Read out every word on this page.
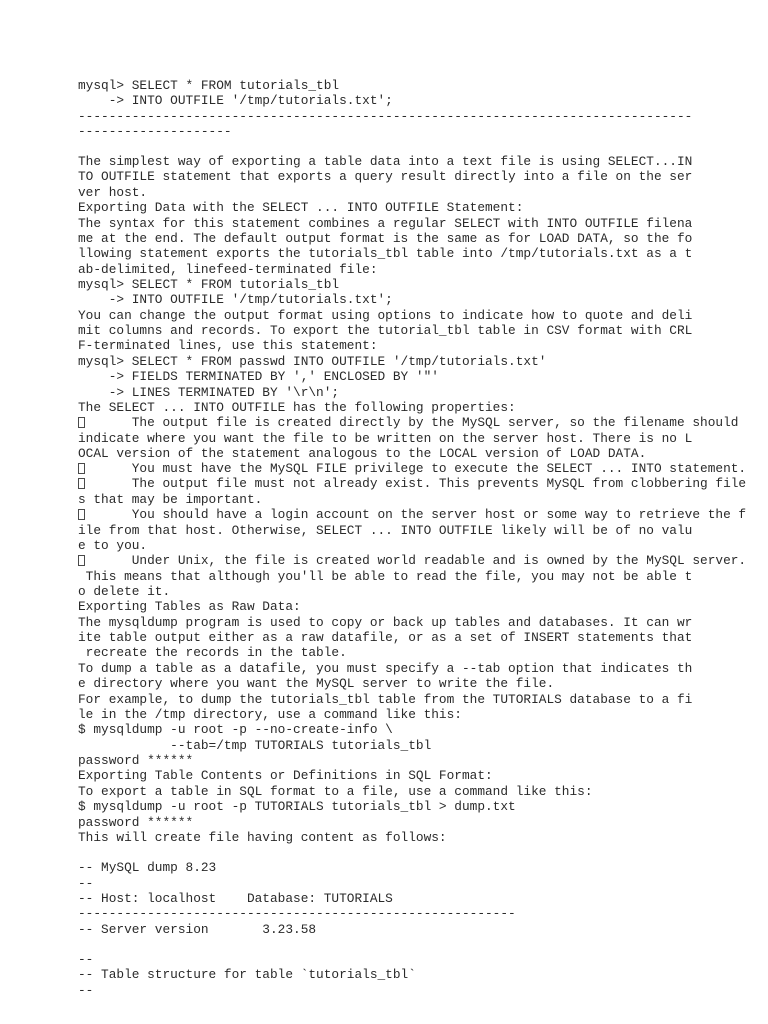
mysql> SELECT * FROM tutorials_tbl

-> INTO OUTFILE '/tmp/tutorials.txt';

--------------------------------------------------------------------------------

--------------------

The simplest way of exporting a table data into a text file is using SELECT...IN

TO OUTFILE statement that exports a query result directly into a file on the ser

ver host.

Exporting Data with the SELECT ... INTO OUTFILE Statement:

The syntax for this statement combines a regular SELECT with INTO OUTFILE filena

me at the end. The default output format is the same as for LOAD DATA, so the fo

llowing statement exports the tutorials_tbl table into /tmp/tutorials.txt as a t

ab-delimited, linefeed-terminated file:

mysql> SELECT * FROM tutorials_tbl

-> INTO OUTFILE '/tmp/tutorials.txt';

You can change the output format using options to indicate how to quote and deli

mit columns and records. To export the tutorial_tbl table in CSV format with CRL

F-terminated lines, use this statement:

mysql> SELECT * FROM passwd INTO OUTFILE '/tmp/tutorials.txt'

-> FIELDS TERMINATED BY ',' ENCLOSED BY '"'

-> LINES TERMINATED BY '\r\n';

The SELECT ... INTO OUTFILE has the following properties:

The output file is created directly by the MySQL server, so the filename should

indicate where you want the file to be written on the server host. There is no L

OCAL version of the statement analogous to the LOCAL version of LOAD DATA.

You must have the MySQL FILE privilege to execute the SELECT ... INTO statement.

The output file must not already exist. This prevents MySQL from clobbering file

s that may be important.

You should have a login account on the server host or some way to retrieve the f

ile from that host. Otherwise, SELECT ... INTO OUTFILE likely will be of no valu

e to you.

Under Unix, the file is created world readable and is owned by the MySQL server.

This means that although you'll be able to read the file, you may not be able t

o delete it.

Exporting Tables as Raw Data:

The mysqldump program is used to copy or back up tables and databases. It can wr

ite table output either as a raw datafile, or as a set of INSERT statements that

recreate the records in the table.

To dump a table as a datafile, you must specify a --tab option that indicates th

e directory where you want the MySQL server to write the file.

For example, to dump the tutorials_tbl table from the TUTORIALS database to a fi

le in the /tmp directory, use a command like this:

$ mysqldump -u root -p --no-create-info \

--tab=/tmp TUTORIALS tutorials_tbl

password ******

Exporting Table Contents or Definitions in SQL Format:

To export a table in SQL format to a file, use a command like this:

$ mysqldump -u root -p TUTORIALS tutorials_tbl > dump.txt

password ******

This will create file having content as follows:

-- MySQL dump 8.23

--

-- Host: localhost    Database: TUTORIALS

---------------------------------------------------------

-- Server version       3.23.58

--

-- Table structure for table `tutorials_tbl`

--
